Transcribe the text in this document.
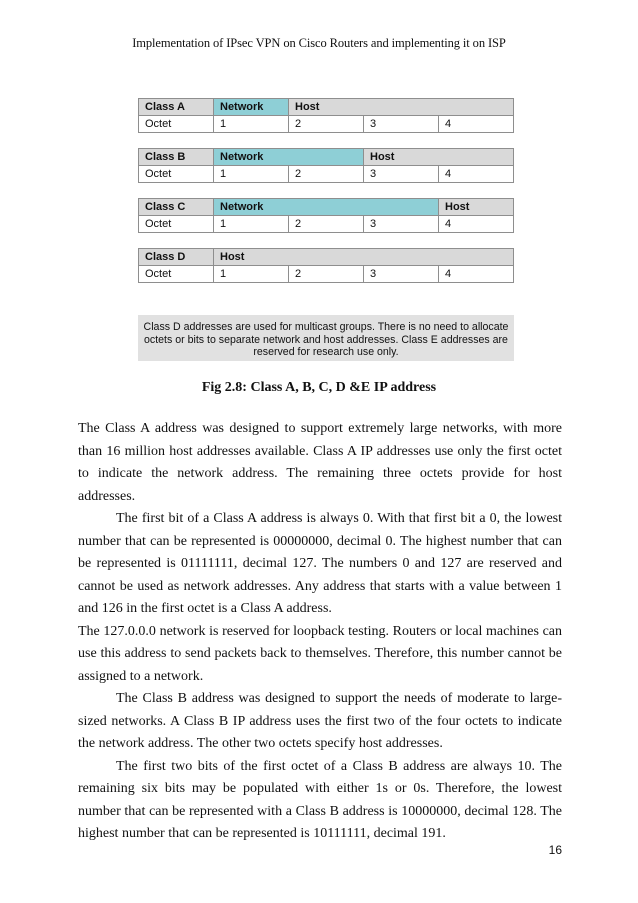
Implementation of IPsec VPN on Cisco Routers and implementing it on ISP
Class A	Network	Host		
Octet	1	2	3	4
Class B	Network		Host	
Octet	1	2	3	4
Class C	Network			Host
Octet	1	2	3	4
Class D	Host			
Octet	1	2	3	4
Class D addresses are used for multicast groups. There is no need to allocate octets or bits to separate network and host addresses. Class E addresses are reserved for research use only.
Fig 2.8: Class A, B, C, D &E IP address

The Class A address was designed to support extremely large networks, with more than 16 million host addresses available. Class A IP addresses use only the first octet to indicate the network address. The remaining three octets provide for host addresses.

The first bit of a Class A address is always 0. With that first bit a 0, the lowest number that can be represented is 00000000, decimal 0. The highest number that can be represented is 01111111, decimal 127. The numbers 0 and 127 are reserved and cannot be used as network addresses. Any address that starts with a value between 1 and 126 in the first octet is a Class A address.

The 127.0.0.0 network is reserved for loopback testing. Routers or local machines can use this address to send packets back to themselves. Therefore, this number cannot be assigned to a network.

The Class B address was designed to support the needs of moderate to large-sized networks. A Class B IP address uses the first two of the four octets to indicate the network address. The other two octets specify host addresses.

The first two bits of the first octet of a Class B address are always 10. The remaining six bits may be populated with either 1s or 0s. Therefore, the lowest number that can be represented with a Class B address is 10000000, decimal 128. The highest number that can be represented is 10111111, decimal 191.

16
